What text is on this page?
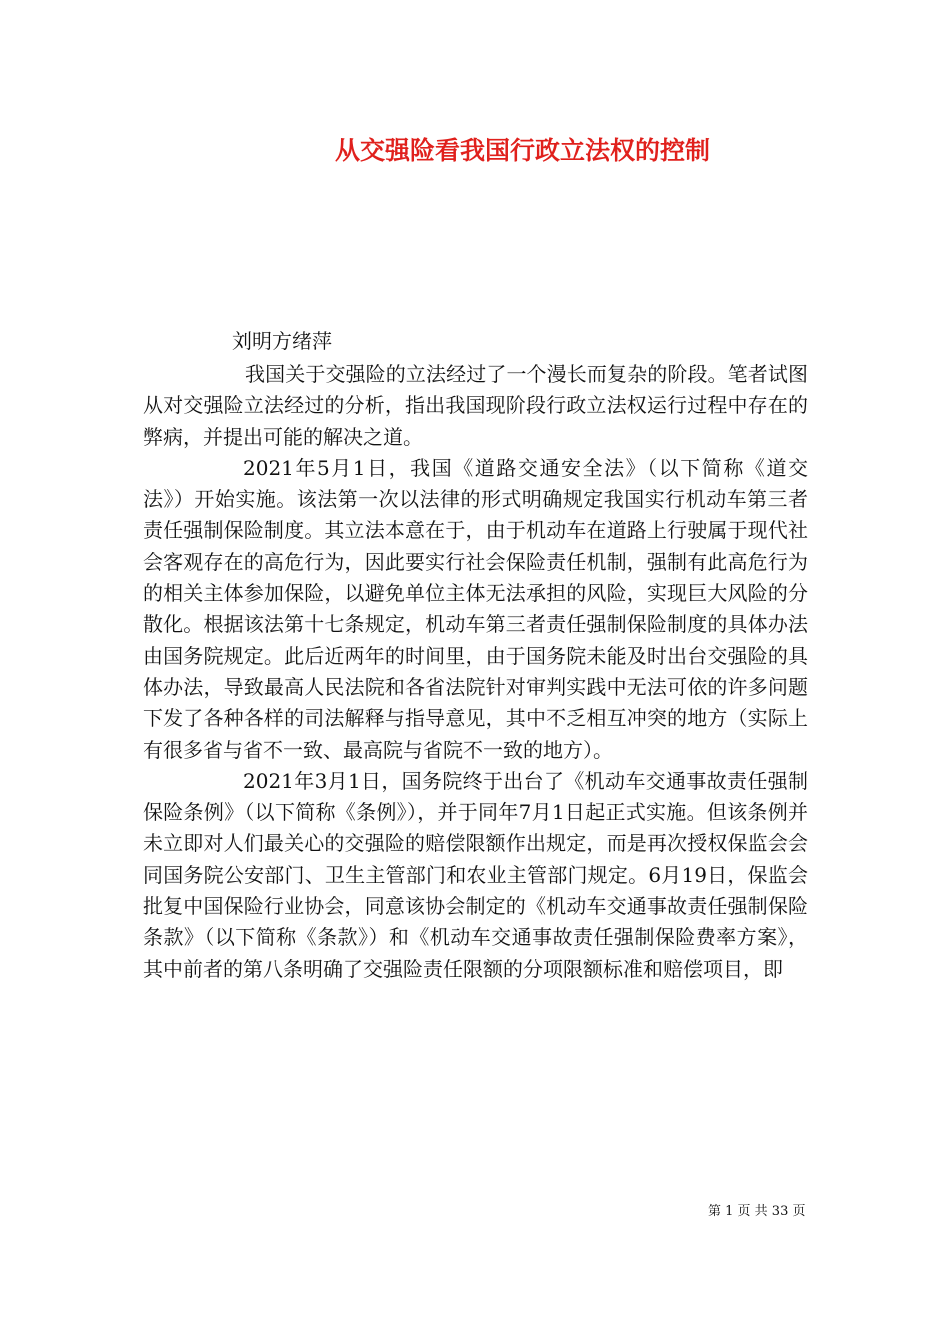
从交强险看我国行政立法权的控制

刘明方绪萍

我国关于交强险的立法经过了一个漫长而复杂的阶段。笔者试图从对交强险立法经过的分析，指出我国现阶段行政立法权运行过程中存在的弊病，并提出可能的解决之道。

2021年5月1日，我国《道路交通安全法》（以下简称《道交法》）开始实施。该法第一次以法律的形式明确规定我国实行机动车第三者责任强制保险制度。其立法本意在于，由于机动车在道路上行驶属于现代社会客观存在的高危行为，因此要实行社会保险责任机制，强制有此高危行为的相关主体参加保险，以避免单位主体无法承担的风险，实现巨大风险的分散化。根据该法第十七条规定，机动车第三者责任强制保险制度的具体办法由国务院规定。此后近两年的时间里，由于国务院未能及时出台交强险的具体办法，导致最高人民法院和各省法院针对审判实践中无法可依的许多问题下发了各种各样的司法解释与指导意见，其中不乏相互冲突的地方（实际上有很多省与省不一致、最高院与省院不一致的地方）。

2021年3月1日，国务院终于出台了《机动车交通事故责任强制保险条例》（以下简称《条例》），并于同年7月1日起正式实施。但该条例并未立即对人们最关心的交强险的赔偿限额作出规定，而是再次授权保监会会同国务院公安部门、卫生主管部门和农业主管部门规定。6月19日，保监会批复中国保险行业协会，同意该协会制定的《机动车交通事故责任强制保险条款》（以下简称《条款》）和《机动车交通事故责任强制保险费率方案》，其中前者的第八条明确了交强险责任限额的分项限额标准和赔偿项目，即

第 1 页 共 33 页
